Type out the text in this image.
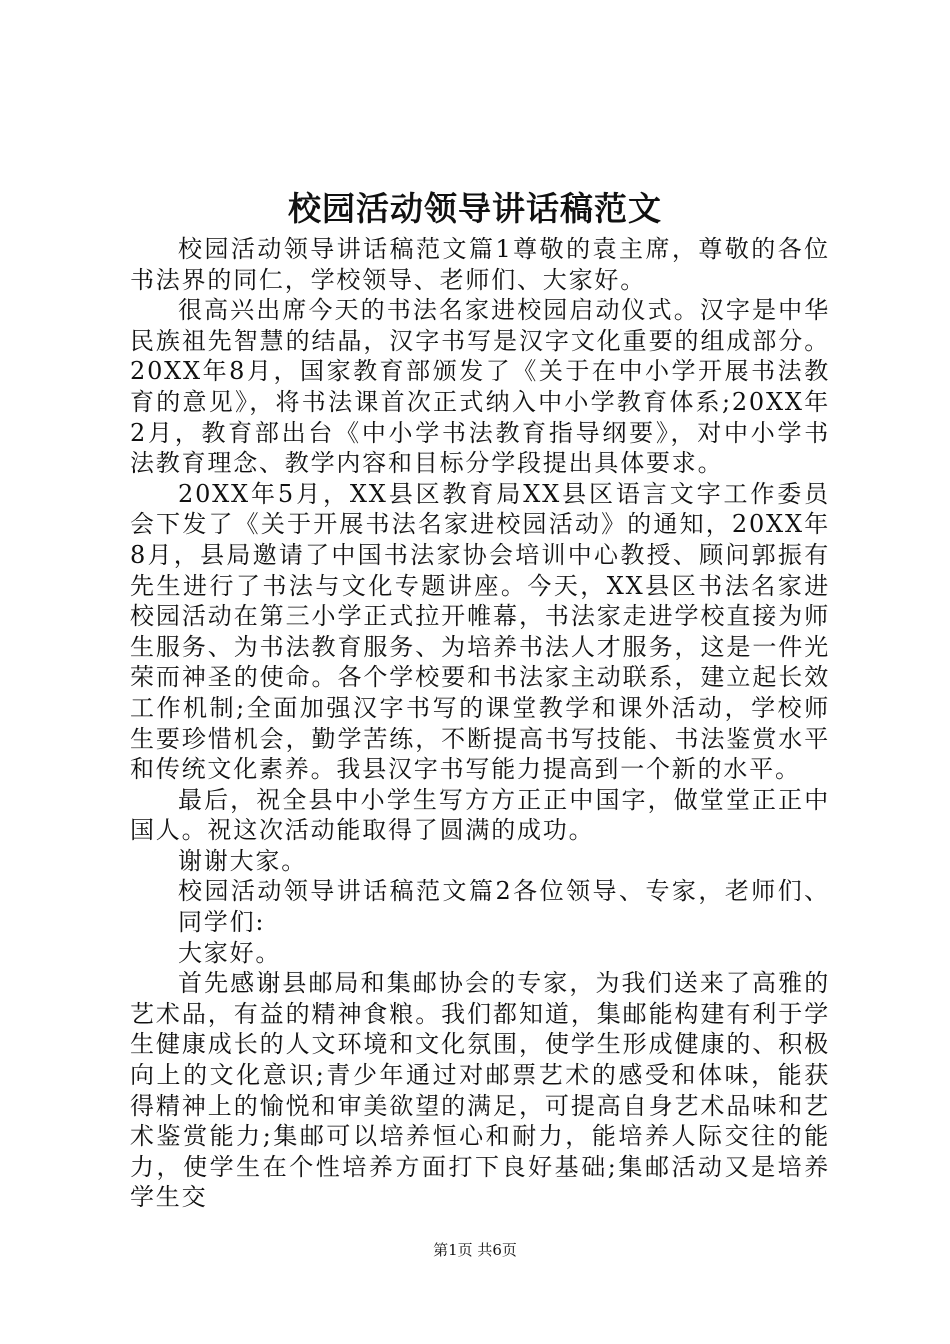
校园活动领导讲话稿范文

校园活动领导讲话稿范文篇1尊敬的袁主席，尊敬的各位书法界的同仁，学校领导、老师们、大家好。

很高兴出席今天的书法名家进校园启动仪式。汉字是中华民族祖先智慧的结晶，汉字书写是汉字文化重要的组成部分。20XX年8月，国家教育部颁发了《关于在中小学开展书法教育的意见》，将书法课首次正式纳入中小学教育体系;20XX年2月，教育部出台《中小学书法教育指导纲要》，对中小学书法教育理念、教学内容和目标分学段提出具体要求。

20XX年5月，XX县区教育局XX县区语言文字工作委员会下发了《关于开展书法名家进校园活动》的通知，20XX年8月，县局邀请了中国书法家协会培训中心教授、顾问郭振有先生进行了书法与文化专题讲座。今天，XX县区书法名家进校园活动在第三小学正式拉开帷幕，书法家走进学校直接为师生服务、为书法教育服务、为培养书法人才服务，这是一件光荣而神圣的使命。各个学校要和书法家主动联系，建立起长效工作机制;全面加强汉字书写的课堂教学和课外活动，学校师生要珍惜机会，勤学苦练，不断提高书写技能、书法鉴赏水平和传统文化素养。我县汉字书写能力提高到一个新的水平。

最后，祝全县中小学生写方方正正中国字，做堂堂正正中国人。祝这次活动能取得了圆满的成功。

谢谢大家。

校园活动领导讲话稿范文篇2各位领导、专家，老师们、同学们:

大家好。

首先感谢县邮局和集邮协会的专家，为我们送来了高雅的艺术品，有益的精神食粮。我们都知道，集邮能构建有利于学生健康成长的人文环境和文化氛围，使学生形成健康的、积极向上的文化意识;青少年通过对邮票艺术的感受和体味，能获得精神上的愉悦和审美欲望的满足，可提高自身艺术品味和艺术鉴赏能力;集邮可以培养恒心和耐力，能培养人际交往的能力，使学生在个性培养方面打下良好基础;集邮活动又是培养学生交

第1页 共6页
